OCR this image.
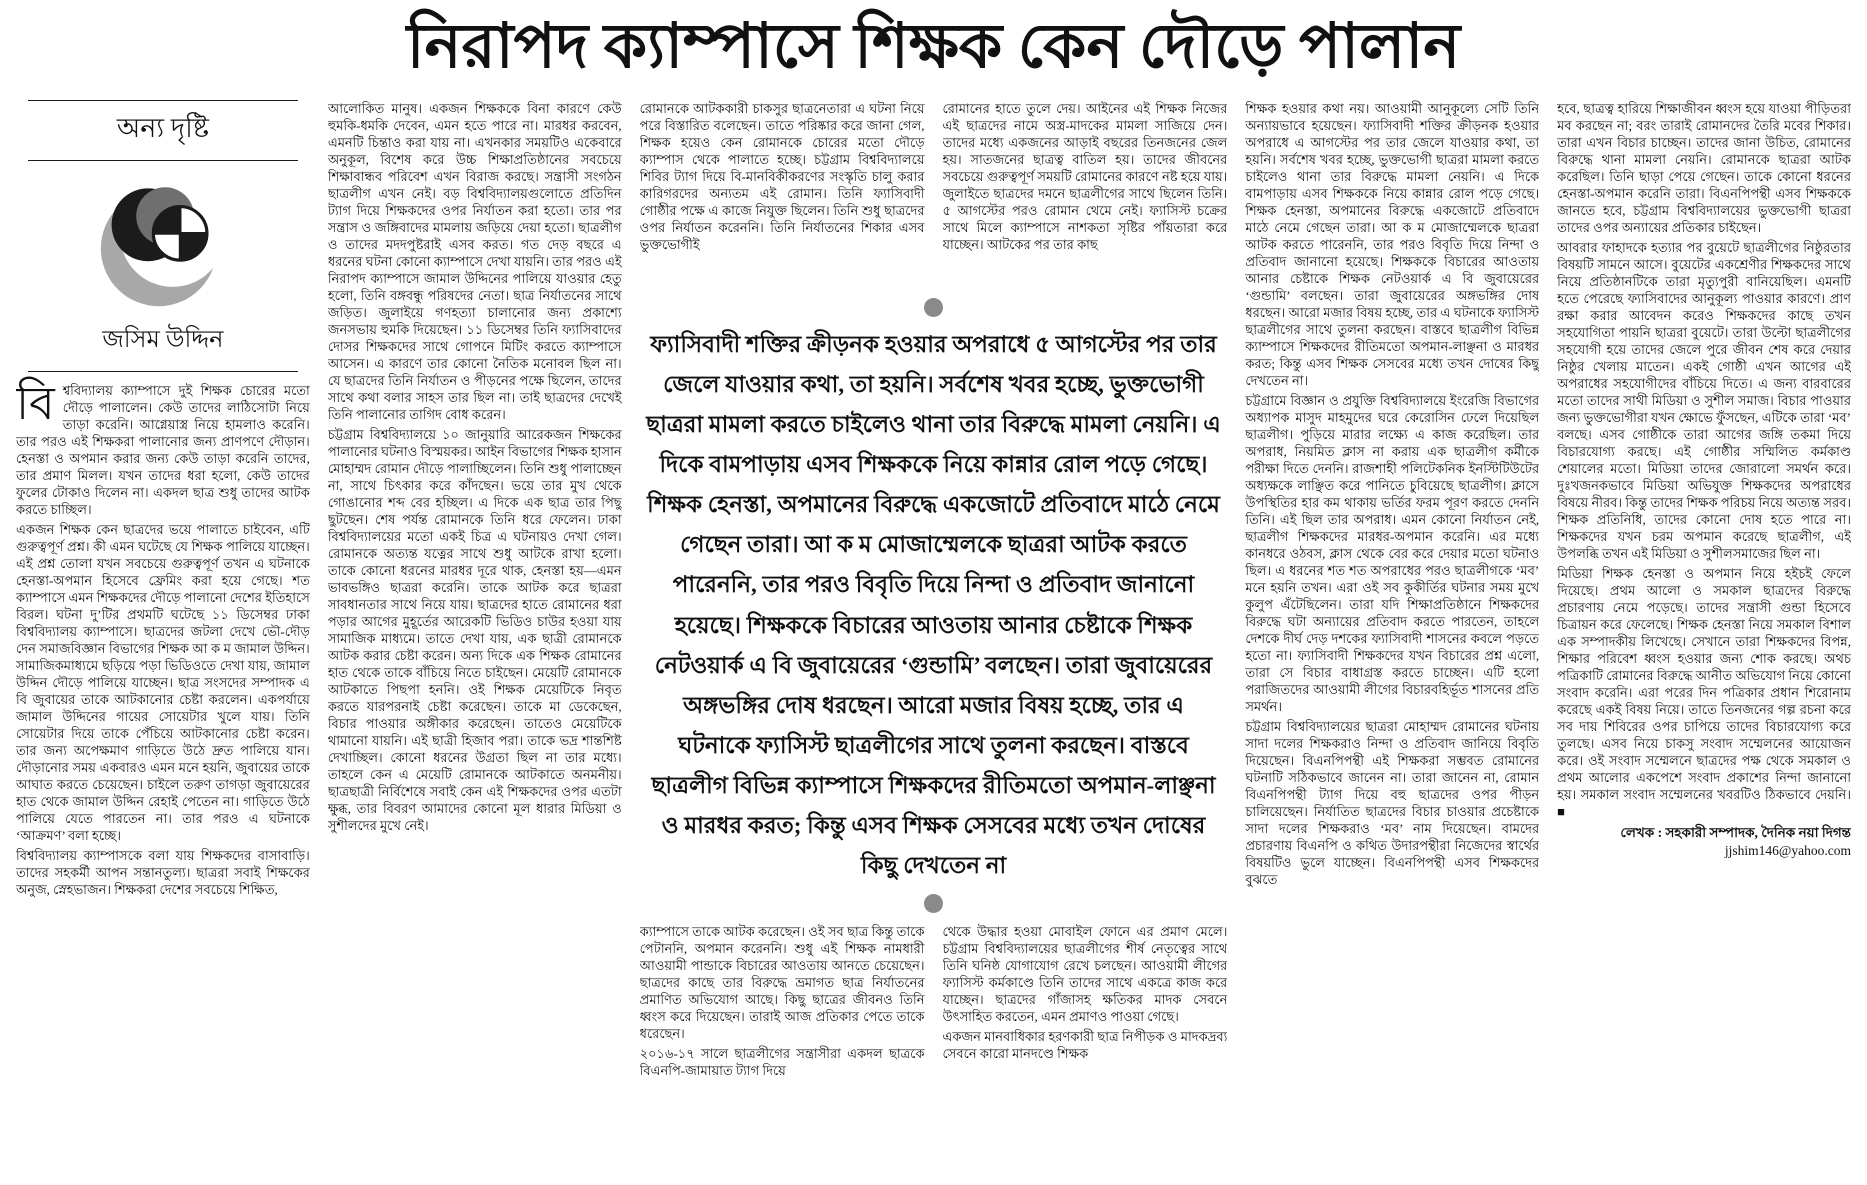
নিরাপদ ক্যাম্পাসে শিক্ষক কেন দৌড়ে পালান
অন্য দৃষ্টি
জসিম উদ্দিন
বি শ্ববিদ্যালয় ক্যাম্পাসে দুই শিক্ষক চোরের মতো দৌড়ে পালালেন। কেউ তাদের লাঠিসোটা নিয়ে তাড়া করেনি। আগ্নেয়াস্ত্র নিয়ে হামলাও করেনি। তার পরও এই শিক্ষকরা পালানোর জন্য প্রাণপণে দৌড়ান। হেনস্তা ও অপমান করার জন্য কেউ তাড়া করেনি তাদের, তার প্রমাণ মিলল। যখন তাদের ধরা হলো, কেউ তাদের ফুলের টোকাও দিলেন না। একদল ছাত্র শুধু তাদের আটক করতে চাচ্ছিল।

একজন শিক্ষক কেন ছাত্রদের ভয়ে পালাতে চাইবেন, এটি গুরুত্বপূর্ণ প্রশ্ন। কী এমন ঘটেছে যে শিক্ষক পালিয়ে যাচ্ছেন। এই প্রশ্ন তোলা যখন সবচেয়ে গুরুত্বপূর্ণ তখন এ ঘটনাকে হেনস্তা-অপমান হিসেবে ফ্রেমিং করা হয়ে গেছে। শত ক্যাম্পাসে এমন শিক্ষকদের দৌড়ে পালানো দেশের ইতিহাসে বিরল। ঘটনা দু’টির প্রথমটি ঘটেছে ১১ ডিসেম্বর ঢাকা বিশ্ববিদ্যালয় ক্যাম্পাসে। ছাত্রদের জটলা দেখে ভৌ-দৌড় দেন সমাজবিজ্ঞান বিভাগের শিক্ষক আ ক ম জামাল উদ্দিন। সামাজিকমাধ্যমে ছড়িয়ে পড়া ভিডিওতে দেখা যায়, জামাল উদ্দিন দৌড়ে পালিয়ে যাচ্ছেন। ছাত্র সংসদের সম্পাদক এ বি জুবায়ের তাকে আটকানোর চেষ্টা করলেন। একপর্যায়ে জামাল উদ্দিনের গায়ের সোয়েটার খুলে যায়। তিনি সোয়েটার দিয়ে তাকে পেঁচিয়ে আটকানোর চেষ্টা করেন। তার জন্য অপেক্ষমাণ গাড়িতে উঠে দ্রুত পালিয়ে যান। দৌড়ানোর সময় একবারও এমন মনে হয়নি, জুবায়ের তাকে আঘাত করতে চেয়েছেন। চাইলে তরুণ তাগড়া জুবায়েরের হাত থেকে জামাল উদ্দিন রেহাই পেতেন না। গাড়িতে উঠে পালিয়ে যেতে পারতেন না। তার পরও এ ঘটনাকে ‘আক্রমণ’ বলা হচ্ছে।

বিশ্ববিদ্যালয় ক্যাম্পাসকে বলা যায় শিক্ষকদের বাসাবাড়ি। তাদের সহকর্মী আপন সন্তানতুল্য। ছাত্ররা সবাই শিক্ষকের অনুজ, স্নেহভাজন। শিক্ষকরা দেশের সবচেয়ে শিক্ষিত,

আলোকিত মানুষ। একজন শিক্ষককে বিনা কারণে কেউ হুমকি-ধমকি দেবেন, এমন হতে পারে না। মারধর করবেন, এমনটি চিন্তাও করা যায় না। এখনকার সময়টিও একেবারে অনুকূল, বিশেষ করে উচ্চ শিক্ষাপ্রতিষ্ঠানের সবচেয়ে শিক্ষাবান্ধব পরিবেশ এখন বিরাজ করছে। সন্ত্রাসী সংগঠন ছাত্রলীগ এখন নেই। বড় বিশ্ববিদ্যালয়গুলোতে প্রতিদিন ট্যাগ দিয়ে শিক্ষকদের ওপর নির্যাতন করা হতো। তার পর সন্ত্রাস ও জঙ্গিবাদের মামলায় জড়িয়ে দেয়া হতো। ছাত্রলীগ ও তাদের মদদপুষ্টরাই এসব করত। গত দেড় বছরে এ ধরনের ঘটনা কোনো ক্যাম্পাসে দেখা যায়নি। তার পরও এই নিরাপদ ক্যাম্পাসে জামাল উদ্দিনের পালিয়ে যাওয়ার হেতু হলো, তিনি বঙ্গবন্ধু পরিষদের নেতা। ছাত্র নির্যাতনের সাথে জড়িত। জুলাইয়ে গণহত্যা চালানোর জন্য প্রকাশ্যে জনসভায় হুমকি দিয়েছেন। ১১ ডিসেম্বর তিনি ফ্যাসিবাদের দোসর শিক্ষকদের সাথে গোপনে মিটিং করতে ক্যাম্পাসে আসেন। এ কারণে তার কোনো নৈতিক মনোবল ছিল না। যে ছাত্রদের তিনি নির্যাতন ও পীড়নের পক্ষে ছিলেন, তাদের সাথে কথা বলার সাহস তার ছিল না। তাই ছাত্রদের দেখেই তিনি পালানোর তাগিদ বোধ করেন।

চট্টগ্রাম বিশ্ববিদ্যালয়ে ১০ জানুয়ারি আরেকজন শিক্ষকের পালানোর ঘটনাও বিস্ময়কর। আইন বিভাগের শিক্ষক হাসান মোহাম্মদ রোমান দৌড়ে পালাচ্ছিলেন। তিনি শুধু পালাচ্ছেন না, সাথে চিৎকার করে কাঁদছেন। ভয়ে তার মুখ থেকে গোঙানোর শব্দ বের হচ্ছিল। এ দিকে এক ছাত্র তার পিছু ছুটছেন। শেষ পর্যন্ত রোমানকে তিনি ধরে ফেলেন। ঢাকা বিশ্ববিদ্যালয়ের মতো একই চিত্র এ ঘটনায়ও দেখা গেল। রোমানকে অত্যন্ত যত্নের সাথে শুধু আটকে রাখা হলো। তাকে কোনো ধরনের মারধর দূরে থাক, হেনস্তা হয়—এমন ভাবভঙ্গিও ছাত্ররা করেনি। তাকে আটক করে ছাত্ররা সাবধানতার সাথে নিয়ে যায়। ছাত্রদের হাতে রোমানের ধরা পড়ার আগের মুহূর্তের আরেকটি ভিডিও চাউর হওয়া যায় সামাজিক মাধ্যমে। তাতে দেখা যায়, এক ছাত্রী রোমানকে আটক করার চেষ্টা করেন। অন্য দিকে এক শিক্ষক রোমানের হাত থেকে তাকে বাঁচিয়ে নিতে চাইছেন। মেয়েটি রোমানকে আটকাতে পিছপা হননি। ওই শিক্ষক মেয়েটিকে নিবৃত করতে যারপরনাই চেষ্টা করেছেন। তাকে মা ডেকেছেন, বিচার পাওয়ার অঙ্গীকার করেছেন। তাতেও মেয়েটিকে থামানো যায়নি। এই ছাত্রী হিজাব পরা। তাকে ভদ্র শান্তশিষ্ট দেখাচ্ছিল। কোনো ধরনের উগ্রতা ছিল না তার মধ্যে। তাহলে কেন এ মেয়েটি রোমানকে আটকাতে অনমনীয়। ছাত্রছাত্রী নির্বিশেষে সবাই কেন এই শিক্ষকদের ওপর এতটা ক্ষুব্ধ, তার বিবরণ আমাদের কোনো মূল ধারার মিডিয়া ও সুশীলদের মুখে নেই।

রোমানকে আটককারী চাকসুর ছাত্রনেতারা এ ঘটনা নিয়ে পরে বিস্তারিত বলেছেন। তাতে পরিষ্কার করে জানা গেল, শিক্ষক হয়েও কেন রোমানকে চোরের মতো দৌড়ে ক্যাম্পাস থেকে পালাতে হচ্ছে। চট্টগ্রাম বিশ্ববিদ্যালয়ে শিবির ট্যাগ দিয়ে বি-মানবিকীকরণের সংস্কৃতি চালু করার কারিগরদের অন্যতম এই রোমান। তিনি ফ্যাসিবাদী গোষ্ঠীর পক্ষে এ কাজে নিযুক্ত ছিলেন। তিনি শুধু ছাত্রদের ওপর নির্যাতন করেননি। তিনি নির্যাতনের শিকার এসব ভুক্তভোগীই

রোমানের হাতে তুলে দেয়। আইনের এই শিক্ষক নিজের এই ছাত্রদের নামে অস্ত্র-মাদকের মামলা সাজিয়ে দেন। তাদের মধ্যে একজনের আড়াই বছরের তিনজনের জেল হয়। সাতজনের ছাত্রত্ব বাতিল হয়। তাদের জীবনের সবচেয়ে গুরুত্বপূর্ণ সময়টি রোমানের কারণে নষ্ট হয়ে যায়। জুলাইতে ছাত্রদের দমনে ছাত্রলীগের সাথে ছিলেন তিনি। ৫ আগস্টের পরও রোমান থেমে নেই। ফ্যাসিস্ট চক্রের সাথে মিলে ক্যাম্পাসে নাশকতা সৃষ্টির পাঁয়তারা করে যাচ্ছেন। আটকের পর তার কাছ

ফ্যাসিবাদী শক্তির ক্রীড়নক হওয়ার অপরাধে ৫ আগস্টের পর তার জেলে যাওয়ার কথা, তা হয়নি। সর্বশেষ খবর হচ্ছে, ভুক্তভোগী ছাত্ররা মামলা করতে চাইলেও থানা তার বিরুদ্ধে মামলা নেয়নি। এ দিকে বামপাড়ায় এসব শিক্ষককে নিয়ে কান্নার রোল পড়ে গেছে। শিক্ষক হেনস্তা, অপমানের বিরুদ্ধে একজোটে প্রতিবাদে মাঠে নেমে গেছেন তারা। আ ক ম মোজাম্মেলকে ছাত্ররা আটক করতে পারেননি, তার পরও বিবৃতি দিয়ে নিন্দা ও প্রতিবাদ জানানো হয়েছে। শিক্ষককে বিচারের আওতায় আনার চেষ্টাকে শিক্ষক নেটওয়ার্ক এ বি জুবায়েরের ‘গুন্ডামি’ বলছেন। তারা জুবায়েরের অঙ্গভঙ্গির দোষ ধরছেন। আরো মজার বিষয় হচ্ছে, তার এ ঘটনাকে ফ্যাসিস্ট ছাত্রলীগের সাথে তুলনা করছেন। বাস্তবে ছাত্রলীগ বিভিন্ন ক্যাম্পাসে শিক্ষকদের রীতিমতো অপমান-লাঞ্ছনা ও মারধর করত; কিন্তু এসব শিক্ষক সেসবের মধ্যে তখন দোষের কিছু দেখতেন না

ক্যাম্পাসে তাকে আটক করেছেন। ওই সব ছাত্র কিন্তু তাকে পেটাননি, অপমান করেননি। শুধু এই শিক্ষক নামধারী আওয়ামী পান্ডাকে বিচারের আওতায় আনতে চেয়েছেন। ছাত্রদের কাছে তার বিরুদ্ধে ভ্রমাগত ছাত্র নির্যাতনের প্রমাণিত অভিযোগ আছে। কিছু ছাত্রের জীবনও তিনি ধ্বংস করে দিয়েছেন। তারাই আজ প্রতিকার পেতে তাকে ধরেছেন।

২০১৬-১৭ সালে ছাত্রলীগের সন্ত্রাসীরা একদল ছাত্রকে বিএনপি-জামায়াত ট্যাগ দিয়ে

থেকে উদ্ধার হওয়া মোবাইল ফোনে এর প্রমাণ মেলে। চট্টগ্রাম বিশ্ববিদ্যালয়ের ছাত্রলীগের শীর্ষ নেতৃত্বের সাথে তিনি ঘনিষ্ঠ যোগাযোগ রেখে চলছেন। আওয়ামী লীগের ফ্যাসিস্ট কর্মকাণ্ডে তিনি তাদের সাথে একত্রে কাজ করে যাচ্ছেন। ছাত্রদের গাঁজাসহ ক্ষতিকর মাদক সেবনে উৎসাহিত করতেন, এমন প্রমাণও পাওয়া গেছে।

একজন মানবাধিকার হরণকারী ছাত্র নিপীড়ক ও মাদকদ্রব্য সেবনে কারো মানদণ্ডে শিক্ষক

শিক্ষক হওয়ার কথা নয়। আওয়ামী আনুকূল্যে সেটি তিনি অন্যায়ভাবে হয়েছেন। ফ্যাসিবাদী শক্তির ক্রীড়নক হওয়ার অপরাধে এ আগস্টের পর তার জেলে যাওয়ার কথা, তা হয়নি। সর্বশেষ খবর হচ্ছে, ভুক্তভোগী ছাত্ররা মামলা করতে চাইলেও থানা তার বিরুদ্ধে মামলা নেয়নি। এ দিকে বামপাড়ায় এসব শিক্ষককে নিয়ে কান্নার রোল পড়ে গেছে। শিক্ষক হেনস্তা, অপমানের বিরুদ্ধে একজোটে প্রতিবাদে মাঠে নেমে গেছেন তারা। আ ক ম মোজাম্মেলকে ছাত্ররা আটক করতে পারেননি, তার পরও বিবৃতি দিয়ে নিন্দা ও প্রতিবাদ জানানো হয়েছে। শিক্ষককে বিচারের আওতায় আনার চেষ্টাকে শিক্ষক নেটওয়ার্ক এ বি জুবায়েরের ‘গুন্ডামি’ বলছেন। তারা জুবায়েরের অঙ্গভঙ্গির দোষ ধরছেন। আরো মজার বিষয় হচ্ছে, তার এ ঘটনাকে ফ্যাসিস্ট ছাত্রলীগের সাথে তুলনা করছেন। বাস্তবে ছাত্রলীগ বিভিন্ন ক্যাম্পাসে শিক্ষকদের রীতিমতো অপমান-লাঞ্ছনা ও মারধর করত; কিন্তু এসব শিক্ষক সেসবের মধ্যে তখন দোষের কিছু দেখতেন না।

চট্টগ্রামে বিজ্ঞান ও প্রযুক্তি বিশ্ববিদ্যালয়ে ইংরেজি বিভাগের অধ্যাপক মাসুদ মাহমুদের ঘরে কেরোসিন ঢেলে দিয়েছিল ছাত্রলীগ। পুড়িয়ে মারার লক্ষ্যে এ কাজ করেছিল। তার অপরাধ, নিয়মিত ক্লাস না করায় এক ছাত্রলীগ কর্মীকে পরীক্ষা দিতে দেননি। রাজশাহী পলিটেকনিক ইনস্টিটিউটের অধ্যক্ষকে লাঞ্ছিত করে পানিতে চুবিয়েছে ছাত্রলীগ। ক্লাসে উপস্থিতির হার কম থাকায় ভর্তির ফরম পূরণ করতে দেননি তিনি। এই ছিল তার অপরাধ। এমন কোনো নির্যাতন নেই, ছাত্রলীগ শিক্ষকদের মারধর-অপমান করেনি। এর মধ্যে কানধরে ওঠবস, ক্লাস থেকে বের করে দেয়ার মতো ঘটনাও ছিল। এ ধরনের শত শত অপরাধের পরও ছাত্রলীগকে ‘মব’ মনে হয়নি তখন। এরা ওই সব কুকীর্তির ঘটনার সময় মুখে কুলুপ এঁটেছিলেন। তারা যদি শিক্ষাপ্রতিষ্ঠানে শিক্ষকদের বিরুদ্ধে ঘটা অন্যায়ের প্রতিবাদ করতে পারতেন, তাহলে দেশকে দীর্ঘ দেড় দশকের ফ্যাসিবাদী শাসনের কবলে পড়তে হতো না। ফ্যাসিবাদী শিক্ষকদের যখন বিচারের প্রশ্ন এলো, তারা সে বিচার বাধাগ্রস্ত করতে চাচ্ছেন। এটি হলো পরাজিতদের আওয়ামী লীগের বিচারবহির্ভূত শাসনের প্রতি সমর্থন।

চট্টগ্রাম বিশ্ববিদ্যালয়ের ছাত্ররা মোহাম্মদ রোমানের ঘটনায় সাদা দলের শিক্ষকরাও নিন্দা ও প্রতিবাদ জানিয়ে বিবৃতি দিয়েছেন। বিএনপিপন্থী এই শিক্ষকরা সম্ভবত রোমানের ঘটনাটি সঠিকভাবে জানেন না। তারা জানেন না, রোমান বিএনপিপন্থী ট্যাগ দিয়ে বহু ছাত্রদের ওপর পীড়ন চালিয়েছেন। নির্যাতিত ছাত্রদের বিচার চাওয়ার প্রচেষ্টাকে সাদা দলের শিক্ষকরাও ‘মব’ নাম দিয়েছেন। বামদের প্রচারণায় বিএনপি ও কথিত উদারপন্থীরা নিজেদের স্বার্থের বিষয়টিও ভুলে যাচ্ছেন। বিএনপিপন্থী এসব শিক্ষকদের বুঝতে

হবে, ছাত্রত্ব হারিয়ে শিক্ষাজীবন ধ্বংস হয়ে যাওয়া পীড়িতরা মব করছেন না; বরং তারাই রোমানদের তৈরি মবের শিকার। তারা এখন বিচার চাচ্ছেন। তাদের জানা উচিত, রোমানের বিরুদ্ধে থানা মামলা নেয়নি। রোমানকে ছাত্ররা আটক করেছিল। তিনি ছাড়া পেয়ে গেছেন। তাকে কোনো ধরনের হেনস্তা-অপমান করেনি তারা। বিএনপিপন্থী এসব শিক্ষককে জানতে হবে, চট্টগ্রাম বিশ্ববিদ্যালয়ের ভুক্তভোগী ছাত্ররা তাদের ওপর অন্যায়ের প্রতিকার চাইছেন।

আবরার ফাহাদকে হত্যার পর বুয়েটে ছাত্রলীগের নিষ্ঠুরতার বিষয়টি সামনে আসে। বুয়েটের একশ্রেণীর শিক্ষকদের সাথে নিয়ে প্রতিষ্ঠানটিকে তারা মৃত্যুপুরী বানিয়েছিল। এমনটি হতে পেরেছে ফ্যাসিবাদের আনুকূল্য পাওয়ার কারণে। প্রাণ রক্ষা করার আবেদন করেও শিক্ষকদের কাছে তখন সহযোগিতা পায়নি ছাত্ররা বুয়েটে। তারা উল্টো ছাত্রলীগের সহযোগী হয়ে তাদের জেলে পুরে জীবন শেষ করে দেয়ার নিষ্ঠুর খেলায় মাতেন। একই গোষ্ঠী এখন আগের এই অপরাধের সহযোগীদের বাঁচিয়ে দিতে। এ জন্য বারবারের মতো তাদের সাথী মিডিয়া ও সুশীল সমাজ। বিচার পাওয়ার জন্য ভুক্তভোগীরা যখন ক্ষোভে ফুঁসছেন, এটিকে তারা ‘মব’ বলছে। এসব গোষ্ঠীকে তারা আগের জঙ্গি তকমা দিয়ে বিচারযোগ্য করছে। এই গোষ্ঠীর সম্মিলিত কর্মকাণ্ড শেয়ালের মতো। মিডিয়া তাদের জোরালো সমর্থন করে। দুঃখজনকভাবে মিডিয়া অভিযুক্ত শিক্ষকদের অপরাধের বিষয়ে নীরব। কিন্তু তাদের শিক্ষক পরিচয় নিয়ে অত্যন্ত সরব। শিক্ষক প্রতিনিধি, তাদের কোনো দোষ হতে পারে না। শিক্ষকদের যখন চরম অপমান করেছে ছাত্রলীগ, এই উপলব্ধি তখন এই মিডিয়া ও সুশীলসমাজের ছিল না।

মিডিয়া শিক্ষক হেনস্তা ও অপমান নিয়ে হইচই ফেলে দিয়েছে। প্রথম আলো ও সমকাল ছাত্রদের বিরুদ্ধে প্রচারণায় নেমে পড়েছে। তাদের সন্ত্রাসী গুন্ডা হিসেবে চিত্রায়ন করে ফেলেছে। শিক্ষক হেনস্তা নিয়ে সমকাল বিশাল এক সম্পাদকীয় লিখেছে। সেখানে তারা শিক্ষকদের বিপন্ন, শিক্ষার পরিবেশ ধ্বংস হওয়ার জন্য শোক করছে। অথচ পত্রিকাটি রোমানের বিরুদ্ধে আনীত অভিযোগ নিয়ে কোনো সংবাদ করেনি। এরা পরের দিন পত্রিকার প্রধান শিরোনাম করেছে একই বিষয় নিয়ে। তাতে তিনজনের গল্প রচনা করে সব দায় শিবিরের ওপর চাপিয়ে তাদের বিচারযোগ্য করে তুলছে। এসব নিয়ে চাকসু সংবাদ সম্মেলনের আয়োজন করে। ওই সংবাদ সম্মেলনে ছাত্রদের পক্ষ থেকে সমকাল ও প্রথম আলোর একপেশে সংবাদ প্রকাশের নিন্দা জানানো হয়। সমকাল সংবাদ সম্মেলনের খবরটিও ঠিকভাবে দেয়নি। ■

লেখক : সহকারী সম্পাদক, দৈনিক নয়া দিগন্ত
jjshim146@yahoo.com
